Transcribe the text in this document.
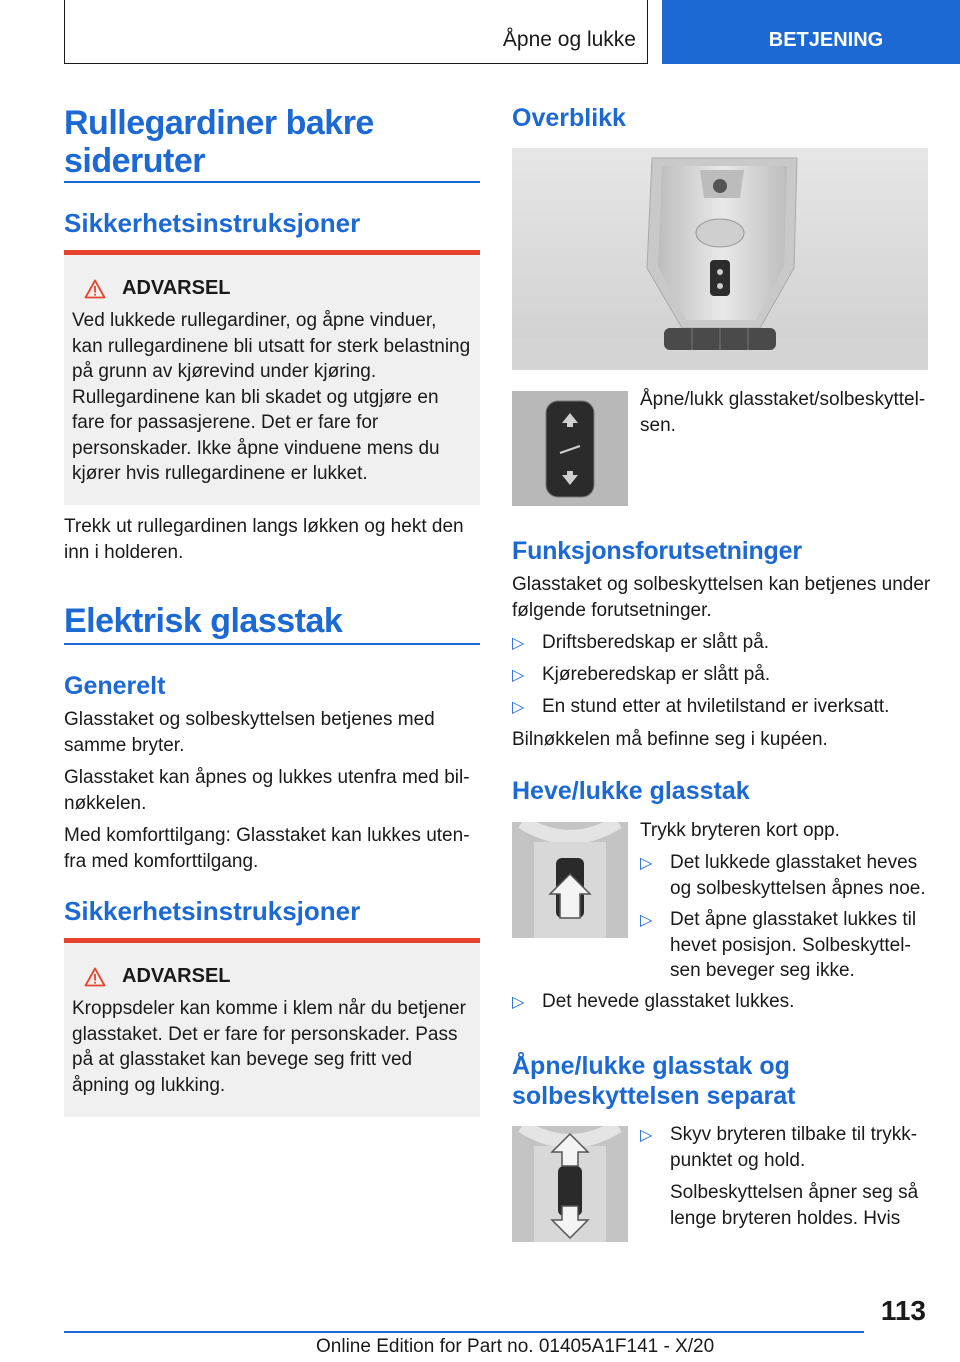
Åpne og lukke	BETJENING
Rullegardiner bakre sideruter
Sikkerhetsinstruksjoner
ADVARSEL
Ved lukkede rullegardiner, og åpne vinduer, kan rullegardinene bli utsatt for sterk belastning på grunn av kjørevind under kjøring. Rullegardinene kan bli skadet og utgjøre en fare for passasjerene. Det er fare for personskader. Ikke åpne vinduene mens du kjører hvis rullegardinene er lukket.
Trekk ut rullegardinen langs løkken og hekt den inn i holderen.
Elektrisk glasstak
Generelt
Glasstaket og solbeskyttelsen betjenes med samme bryter.
Glasstaket kan åpnes og lukkes utenfra med bilnøkkelen.
Med komforttilgang: Glasstaket kan lukkes utenfra med komforttilgang.
Sikkerhetsinstruksjoner
ADVARSEL
Kroppsdeler kan komme i klem når du betjener glasstaket. Det er fare for personskader. Pass på at glasstaket kan bevege seg fritt ved åpning og lukking.
Overblikk
Åpne/lukk glasstaket/solbeskyttelsen.
Funksjonsforutsetninger
Glasstaket og solbeskyttelsen kan betjenes under følgende forutsetninger.
▷ Driftsberedskap er slått på.
▷ Kjøreberedskap er slått på.
▷ En stund etter at hviletilstand er iverksatt.
Bilnøkkelen må befinne seg i kupéen.
Heve/lukke glasstak
Trykk bryteren kort opp.
▷ Det lukkede glasstaket heves og solbeskyttelsen åpnes noe.
▷ Det åpne glasstaket lukkes til hevet posisjon. Solbeskyttelsen beveger seg ikke.
▷ Det hevede glasstaket lukkes.
Åpne/lukke glasstak og solbeskyttelsen separat
▷ Skyv bryteren tilbake til trykkpunktet og hold.
Solbeskyttelsen åpner seg så lenge bryteren holdes. Hvis
113
Online Edition for Part no. 01405A1F141 - X/20
